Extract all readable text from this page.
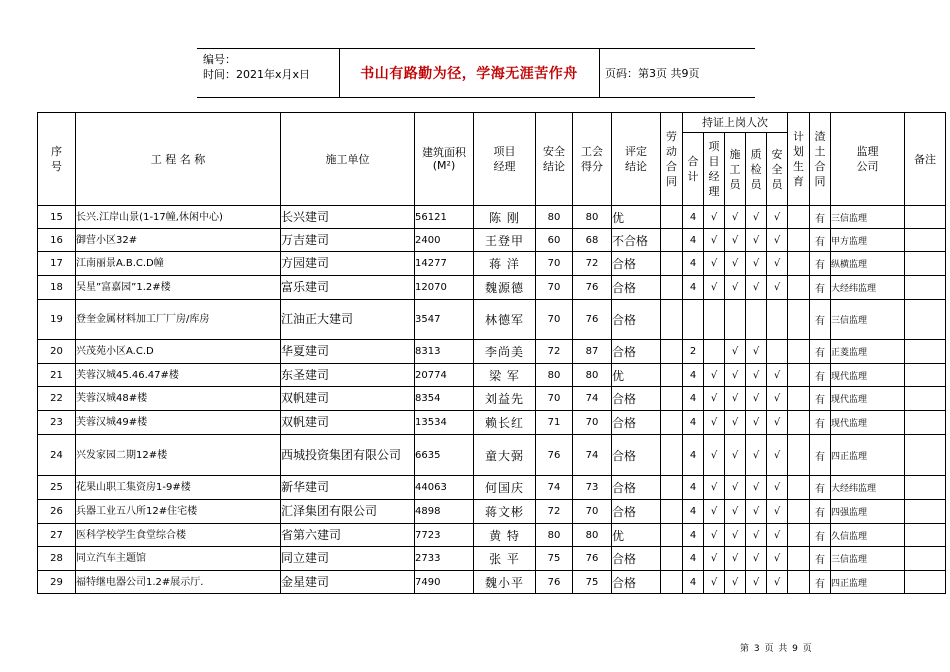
编号：
时间：2021年x月x日	书山有路勤为径，学海无涯苦作舟	页码：第3页 共9页
序号	工 程 名 称	施工单位	建筑面积(M²)	项目经理	安全结论	工会得分	评定结论	劳动合同	持证上岗人次					计划生育	渣土合同	监理公司	备注

									合计	项目经理	施工员	质检员	安全员				

15	长兴.江岸山景(1-17幢,休闲中心)	长兴建司	56121	陈 刚	80	80	优		4	√	√	√	√		有	三信监理	
16	御营小区32#	万吉建司	2400	王登甲	60	68	不合格		4	√	√	√	√		有	甲方监理	
17	江南丽景A.B.C.D幢	方园建司	14277	蒋 洋	70	72	合格		4	√	√	√	√		有	纵横监理	
18	吴星”富嘉园”1.2#楼	富乐建司	12070	魏源德	70	76	合格		4	√	√	√	√		有	大经纬监理	
19	登奎金属材料加工厂厂房/库房	江油正大建司	3547	林德军	70	76	合格								有	三信监理	
20	兴茂苑小区A.C.D	华夏建司	8313	李尚美	72	87	合格		2		√	√			有	正菱监理	
21	芙蓉汉城45.46.47#楼	东圣建司	20774	梁 军	80	80	优		4	√	√	√	√		有	现代监理	
22	芙蓉汉城48#楼	双帆建司	8354	刘益先	70	74	合格		4	√	√	√	√		有	现代监理	
23	芙蓉汉城49#楼	双帆建司	13534	赖长红	71	70	合格		4	√	√	√	√		有	现代监理	
24	兴发家园二期12#楼	西城投资集团有限公司	6635	童大弼	76	74	合格		4	√	√	√	√		有	四正监理	
25	花果山职工集资房1-9#楼	新华建司	44063	何国庆	74	73	合格		4	√	√	√	√		有	大经纬监理	
26	兵器工业五八所12#住宅楼	汇泽集团有限公司	4898	蒋文彬	72	70	合格		4	√	√	√	√		有	四强监理	
27	医科学校学生食堂综合楼	省第六建司	7723	黄 特	80	80	优		4	√	√	√	√		有	久信监理	
28	同立汽车主题馆	同立建司	2733	张 平	75	76	合格		4	√	√	√	√		有	三信监理	
29	福特继电器公司1.2#展示厅.	金星建司	7490	魏小平	76	75	合格		4	√	√	√	√		有	四正监理	
第 3 页 共 9 页
